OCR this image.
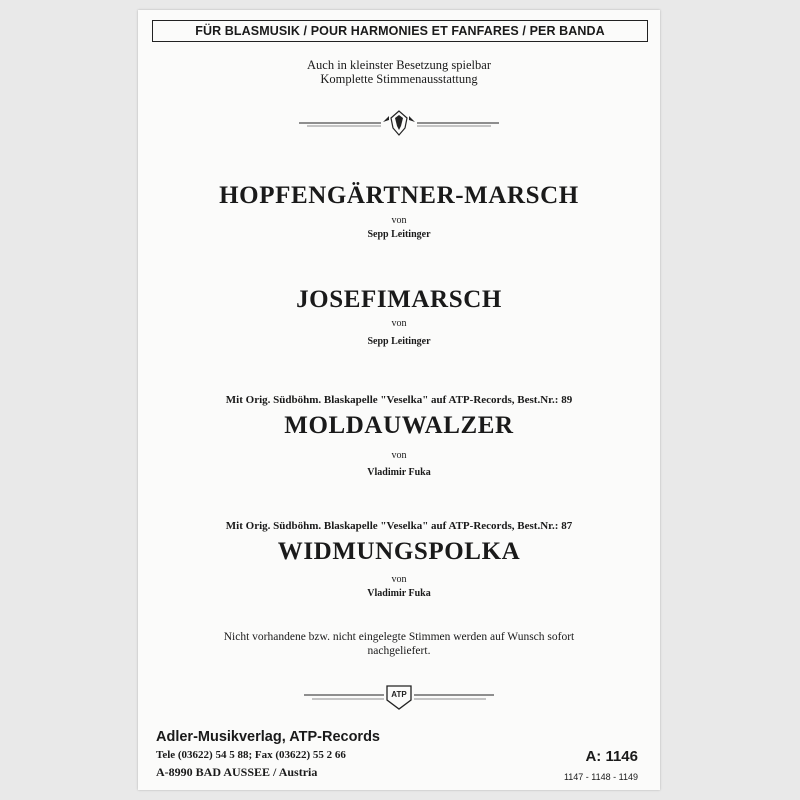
FÜR BLASMUSIK / POUR HARMONIES ET FANFARES / PER BANDA
Auch in kleinster Besetzung spielbar
Komplette Stimmenausstattung
HOPFENGÄRTNER-MARSCH
von
Sepp Leitinger
JOSEFIMARSCH
von
Sepp Leitinger
Mit Orig. Südböhm. Blaskapelle "Veselka" auf ATP-Records, Best.Nr.: 89
MOLDAUWALZER
von
Vladimir Fuka
Mit Orig. Südböhm. Blaskapelle "Veselka" auf ATP-Records, Best.Nr.: 87
WIDMUNGSPOLKA
von
Vladimir Fuka
Nicht vorhandene bzw. nicht eingelegte Stimmen werden auf Wunsch sofort
nachgeliefert.
ATP
Adler-Musikverlag, ATP-Records
Tele (03622) 54 5 88; Fax (03622) 55 2 66
A-8990 BAD AUSSEE / Austria
A: 1146
1147 - 1148 - 1149
